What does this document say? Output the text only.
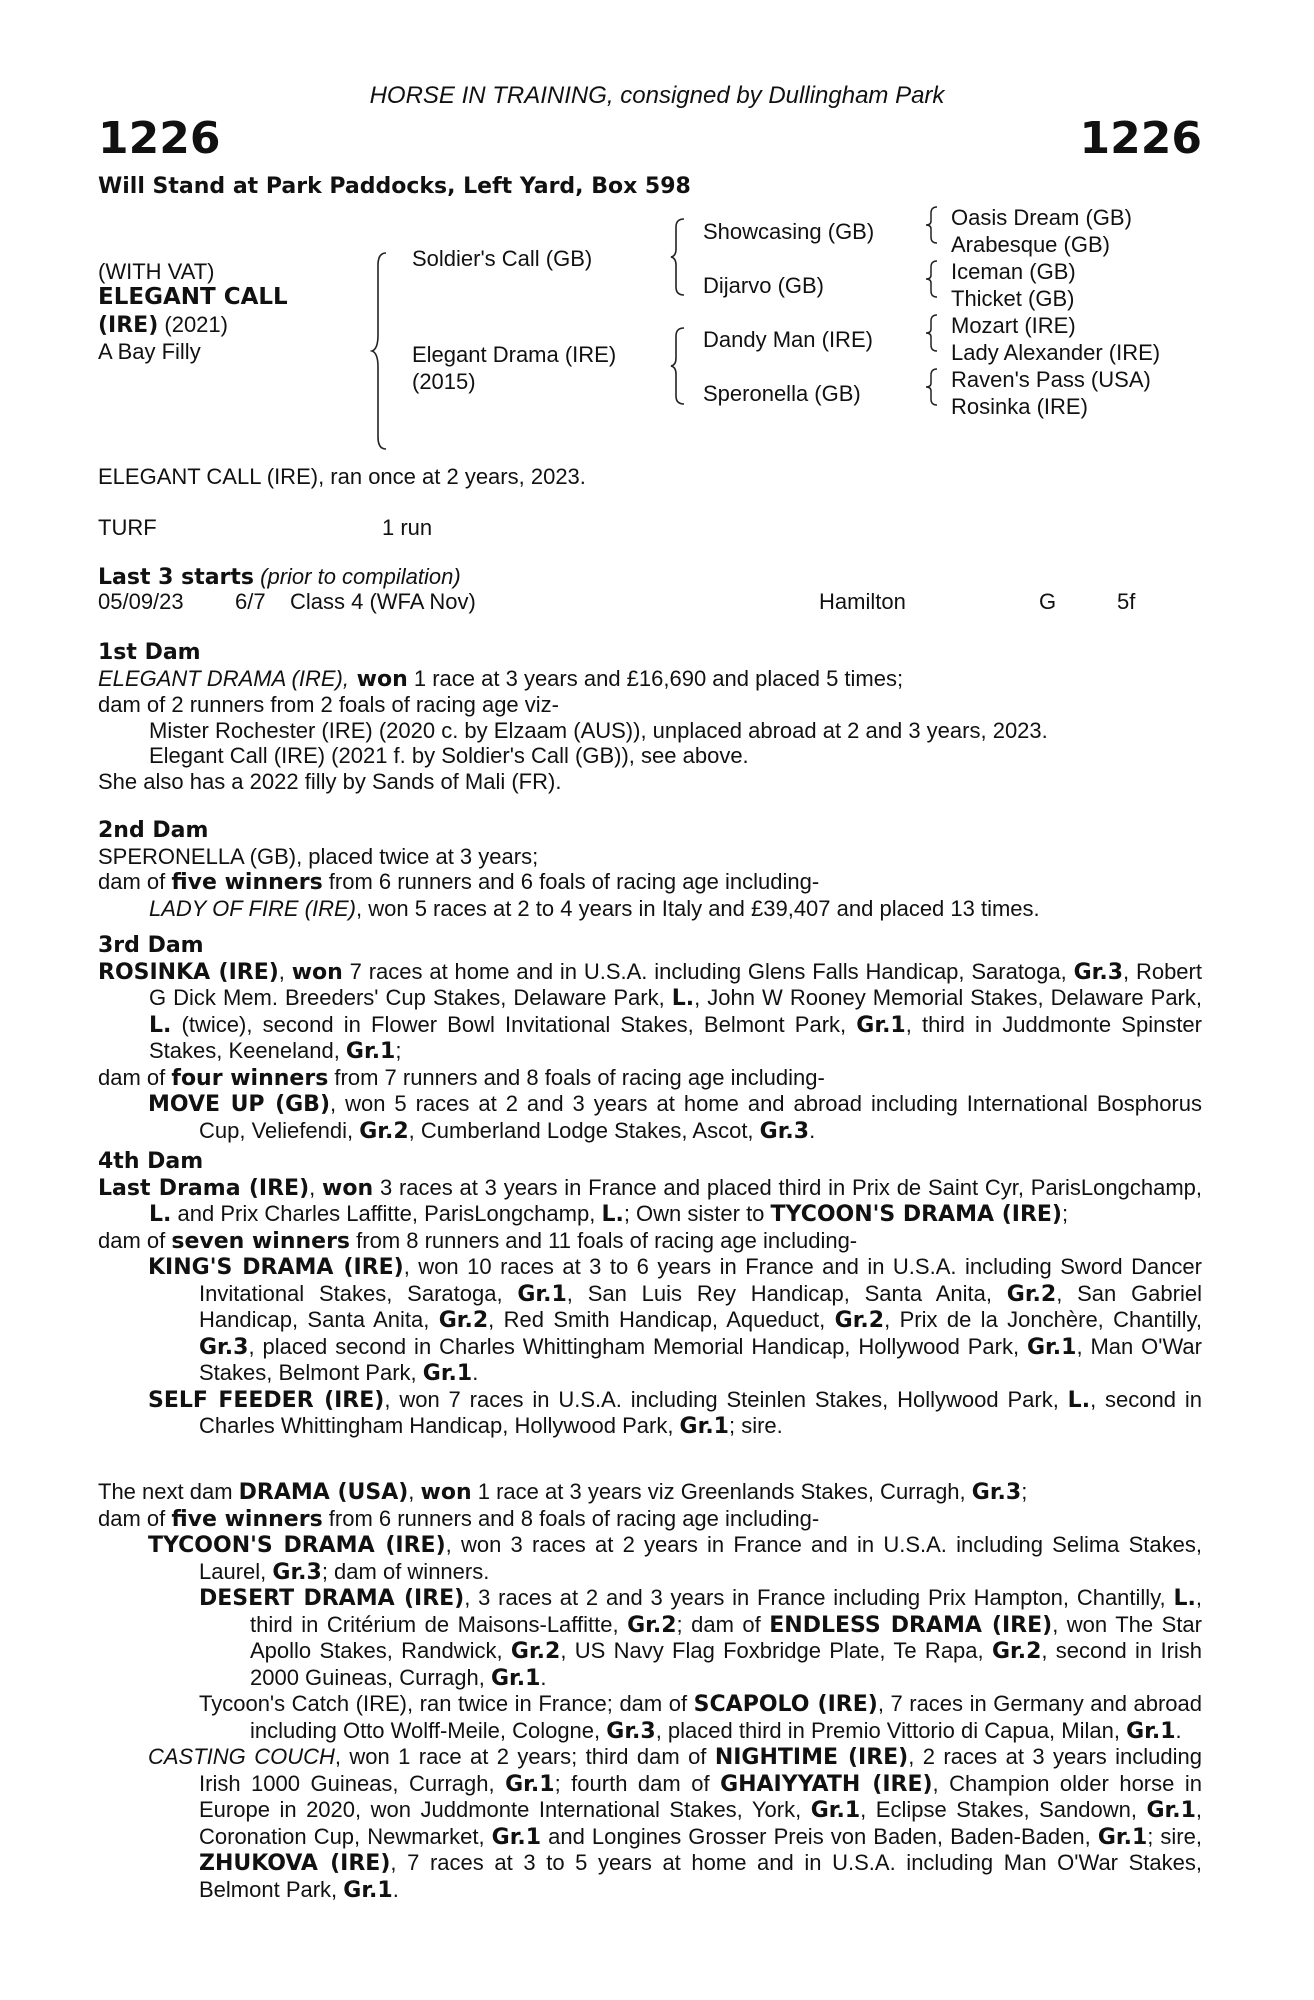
HORSE IN TRAINING, consigned by Dullingham Park
1226	1226
Will Stand at Park Paddocks, Left Yard, Box 598
(WITH VAT)
ELEGANT CALL
(IRE) (2021)
A Bay Filly
Soldier's Call (GB)
Elegant Drama (IRE)
(2015)
Showcasing (GB)
Dijarvo (GB)
Dandy Man (IRE)
Speronella (GB)
Oasis Dream (GB)
Arabesque (GB)
Iceman (GB)
Thicket (GB)
Mozart (IRE)
Lady Alexander (IRE)
Raven's Pass (USA)
Rosinka (IRE)
ELEGANT CALL (IRE), ran once at 2 years, 2023.
TURF	1 run
Last 3 starts (prior to compilation)
05/09/23 6/7 Class 4 (WFA Nov)	Hamilton	G	5f

1st Dam

ELEGANT DRAMA (IRE), won 1 race at 3 years and £16,690 and placed 5 times;

dam of 2 runners from 2 foals of racing age viz-

Mister Rochester (IRE) (2020 c. by Elzaam (AUS)), unplaced abroad at 2 and 3 years, 2023.

Elegant Call (IRE) (2021 f. by Soldier's Call (GB)), see above.

She also has a 2022 filly by Sands of Mali (FR).

2nd Dam

SPERONELLA (GB), placed twice at 3 years;

dam of five winners from 6 runners and 6 foals of racing age including-

LADY OF FIRE (IRE), won 5 races at 2 to 4 years in Italy and £39,407 and placed 13 times.

3rd Dam

ROSINKA (IRE), won 7 races at home and in U.S.A. including Glens Falls Handicap, Saratoga, Gr.3, Robert G Dick Mem. Breeders' Cup Stakes, Delaware Park, L., John W Rooney Memorial Stakes, Delaware Park, L. (twice), second in Flower Bowl Invitational Stakes, Belmont Park, Gr.1, third in Juddmonte Spinster Stakes, Keeneland, Gr.1;

dam of four winners from 7 runners and 8 foals of racing age including-

MOVE UP (GB), won 5 races at 2 and 3 years at home and abroad including International Bosphorus Cup, Veliefendi, Gr.2, Cumberland Lodge Stakes, Ascot, Gr.3.

4th Dam

Last Drama (IRE), won 3 races at 3 years in France and placed third in Prix de Saint Cyr, ParisLongchamp, L. and Prix Charles Laffitte, ParisLongchamp, L.; Own sister to TYCOON'S DRAMA (IRE);

dam of seven winners from 8 runners and 11 foals of racing age including-

KING'S DRAMA (IRE), won 10 races at 3 to 6 years in France and in U.S.A. including Sword Dancer Invitational Stakes, Saratoga, Gr.1, San Luis Rey Handicap, Santa Anita, Gr.2, San Gabriel Handicap, Santa Anita, Gr.2, Red Smith Handicap, Aqueduct, Gr.2, Prix de la Jonchère, Chantilly, Gr.3, placed second in Charles Whittingham Memorial Handicap, Hollywood Park, Gr.1, Man O'War Stakes, Belmont Park, Gr.1.

SELF FEEDER (IRE), won 7 races in U.S.A. including Steinlen Stakes, Hollywood Park, L., second in Charles Whittingham Handicap, Hollywood Park, Gr.1; sire.

The next dam DRAMA (USA), won 1 race at 3 years viz Greenlands Stakes, Curragh, Gr.3;

dam of five winners from 6 runners and 8 foals of racing age including-

TYCOON'S DRAMA (IRE), won 3 races at 2 years in France and in U.S.A. including Selima Stakes, Laurel, Gr.3; dam of winners.

DESERT DRAMA (IRE), 3 races at 2 and 3 years in France including Prix Hampton, Chantilly, L., third in Critérium de Maisons-Laffitte, Gr.2; dam of ENDLESS DRAMA (IRE), won The Star Apollo Stakes, Randwick, Gr.2, US Navy Flag Foxbridge Plate, Te Rapa, Gr.2, second in Irish 2000 Guineas, Curragh, Gr.1.

Tycoon's Catch (IRE), ran twice in France; dam of SCAPOLO (IRE), 7 races in Germany and abroad including Otto Wolff-Meile, Cologne, Gr.3, placed third in Premio Vittorio di Capua, Milan, Gr.1.

CASTING COUCH, won 1 race at 2 years; third dam of NIGHTIME (IRE), 2 races at 3 years including Irish 1000 Guineas, Curragh, Gr.1; fourth dam of GHAIYYATH (IRE), Champion older horse in Europe in 2020, won Juddmonte International Stakes, York, Gr.1, Eclipse Stakes, Sandown, Gr.1, Coronation Cup, Newmarket, Gr.1 and Longines Grosser Preis von Baden, Baden-Baden, Gr.1; sire, ZHUKOVA (IRE), 7 races at 3 to 5 years at home and in U.S.A. including Man O'War Stakes, Belmont Park, Gr.1.
